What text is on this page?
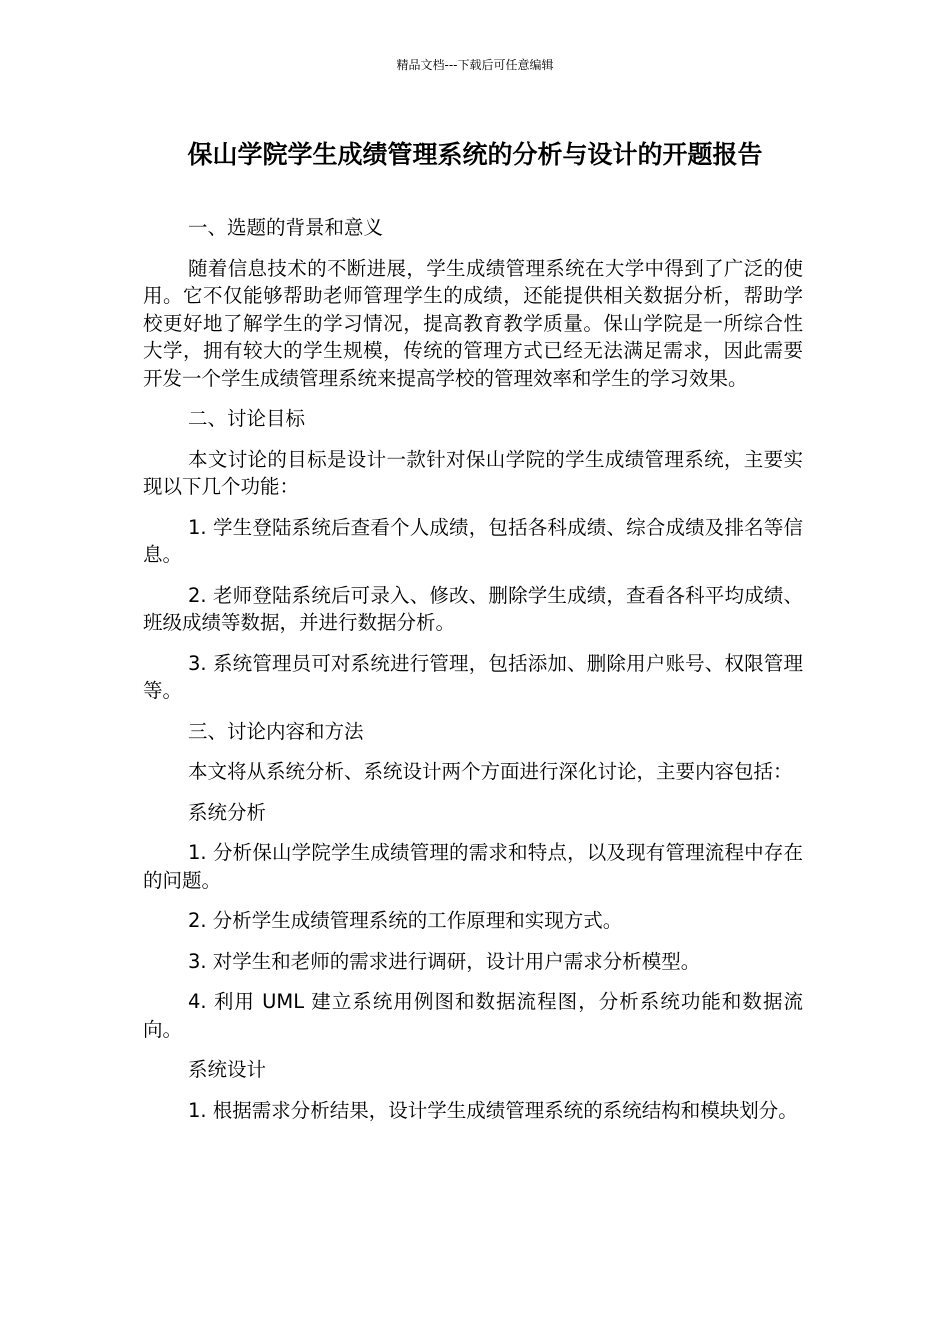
精品文档---下载后可任意编辑
保山学院学生成绩管理系统的分析与设计的开题报告

一、选题的背景和意义

随着信息技术的不断进展，学生成绩管理系统在大学中得到了广泛的使用。它不仅能够帮助老师管理学生的成绩，还能提供相关数据分析，帮助学校更好地了解学生的学习情况，提高教育教学质量。保山学院是一所综合性大学，拥有较大的学生规模，传统的管理方式已经无法满足需求，因此需要开发一个学生成绩管理系统来提高学校的管理效率和学生的学习效果。

二、讨论目标

本文讨论的目标是设计一款针对保山学院的学生成绩管理系统，主要实现以下几个功能：

1. 学生登陆系统后查看个人成绩，包括各科成绩、综合成绩及排名等信息。

2. 老师登陆系统后可录入、修改、删除学生成绩，查看各科平均成绩、班级成绩等数据，并进行数据分析。

3. 系统管理员可对系统进行管理，包括添加、删除用户账号、权限管理等。

三、讨论内容和方法

本文将从系统分析、系统设计两个方面进行深化讨论，主要内容包括：

系统分析

1. 分析保山学院学生成绩管理的需求和特点，以及现有管理流程中存在的问题。

2. 分析学生成绩管理系统的工作原理和实现方式。

3. 对学生和老师的需求进行调研，设计用户需求分析模型。

4. 利用 UML 建立系统用例图和数据流程图，分析系统功能和数据流向。

系统设计

1. 根据需求分析结果，设计学生成绩管理系统的系统结构和模块划分。
